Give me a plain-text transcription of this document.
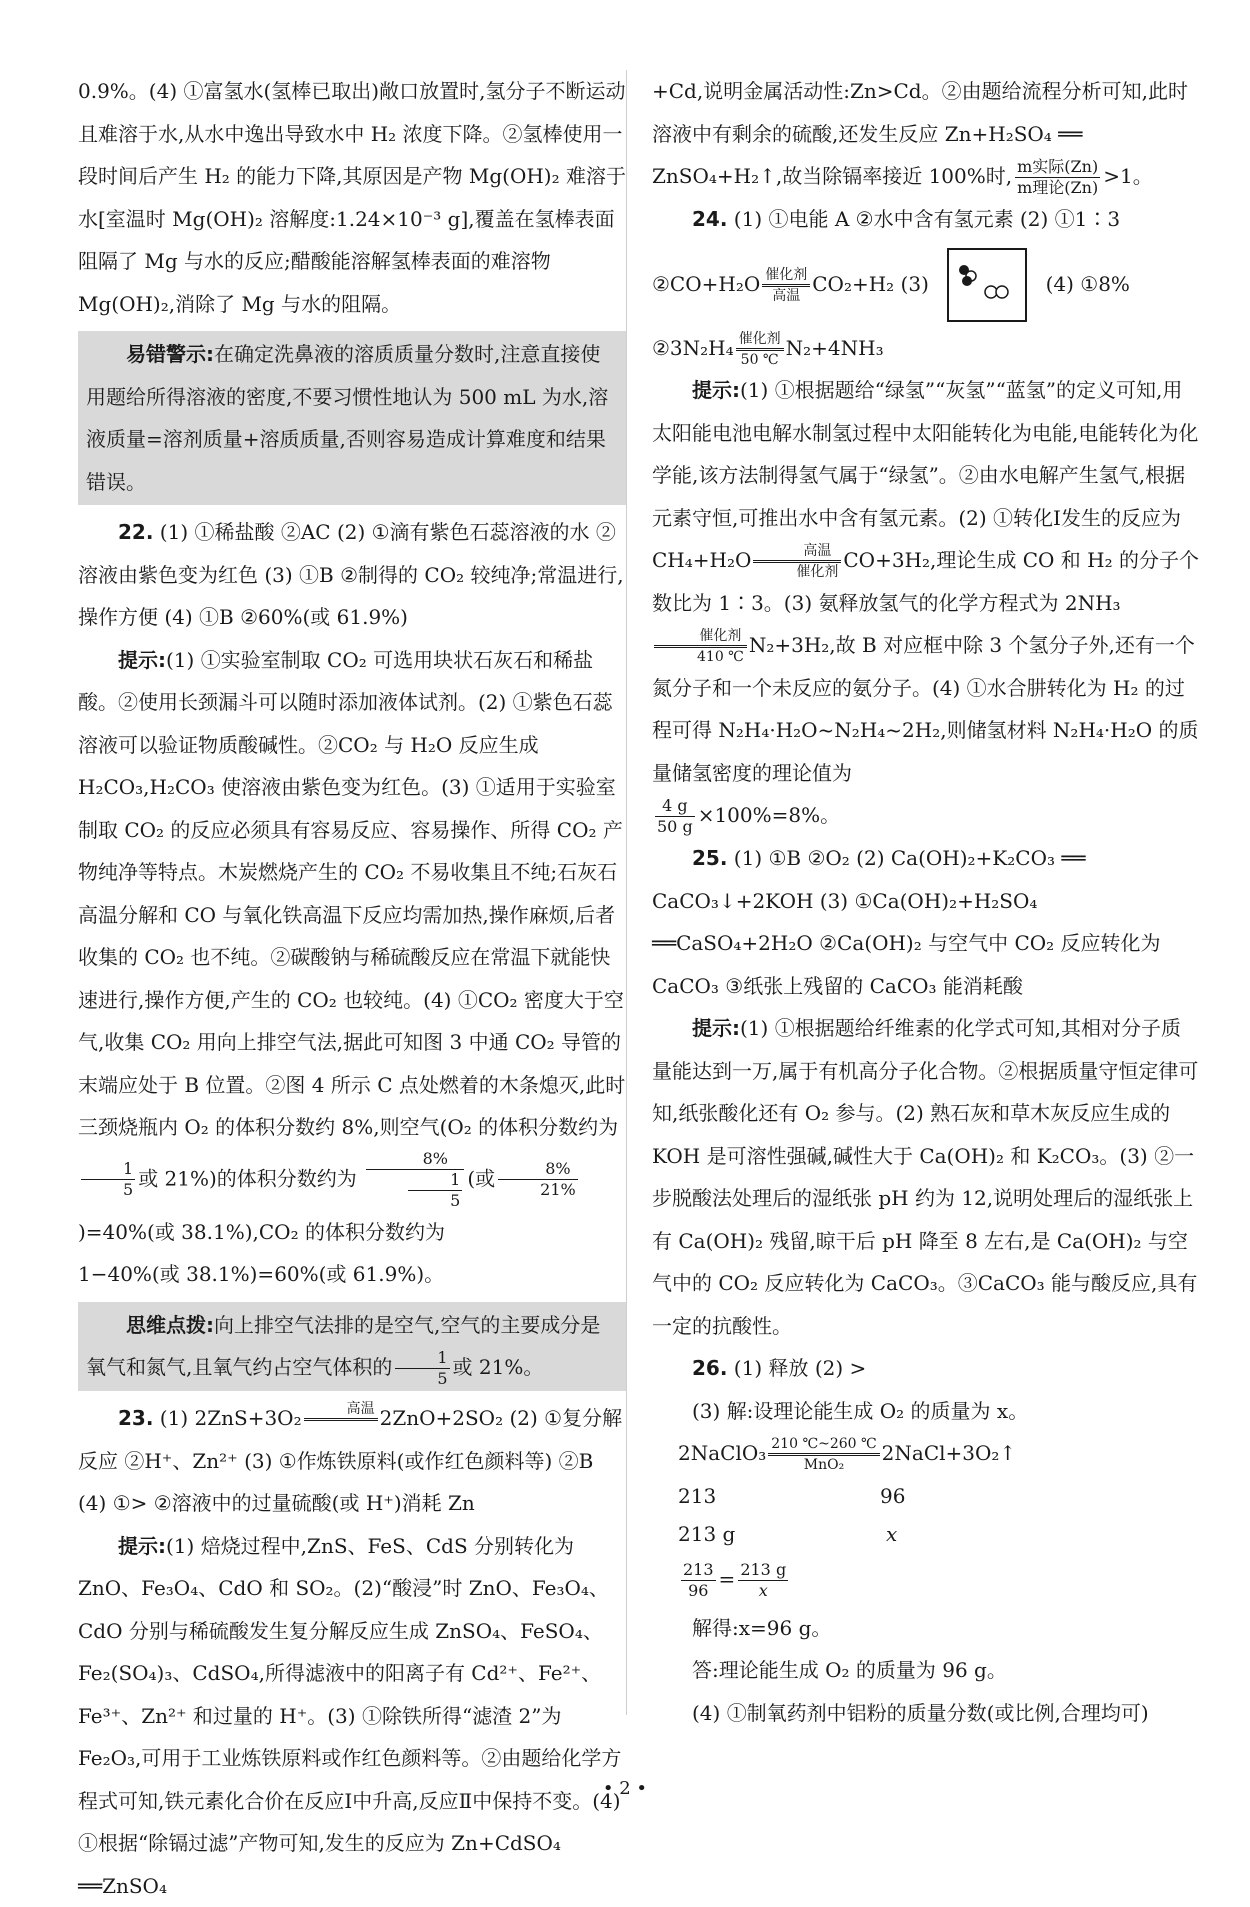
0.9%。(4) ①富氢水(氢棒已取出)敞口放置时,氢分子不断运动且难溶于水,从水中逸出导致水中 H₂ 浓度下降。②氢棒使用一段时间后产生 H₂ 的能力下降,其原因是产物 Mg(OH)₂ 难溶于水[室温时 Mg(OH)₂ 溶解度:1.24×10⁻³ g],覆盖在氢棒表面阻隔了 Mg 与水的反应;醋酸能溶解氢棒表面的难溶物 Mg(OH)₂,消除了 Mg 与水的阻隔。

易错警示:在确定洗鼻液的溶质质量分数时,注意直接使用题给所得溶液的密度,不要习惯性地认为 500 mL 为水,溶液质量=溶剂质量+溶质质量,否则容易造成计算难度和结果错误。

22. (1) ①稀盐酸 ②AC (2) ①滴有紫色石蕊溶液的水 ②溶液由紫色变为红色 (3) ①B ②制得的 CO₂ 较纯净;常温进行,操作方便 (4) ①B ②60%(或 61.9%)

提示:(1) ①实验室制取 CO₂ 可选用块状石灰石和稀盐酸。②使用长颈漏斗可以随时添加液体试剂。(2) ①紫色石蕊溶液可以验证物质酸碱性。②CO₂ 与 H₂O 反应生成 H₂CO₃,H₂CO₃ 使溶液由紫色变为红色。(3) ①适用于实验室制取 CO₂ 的反应必须具有容易反应、容易操作、所得 CO₂ 产物纯净等特点。木炭燃烧产生的 CO₂ 不易收集且不纯;石灰石高温分解和 CO 与氧化铁高温下反应均需加热,操作麻烦,后者收集的 CO₂ 也不纯。②碳酸钠与稀硫酸反应在常温下就能快速进行,操作方便,产生的 CO₂ 也较纯。(4) ①CO₂ 密度大于空气,收集 CO₂ 用向上排空气法,据此可知图 3 中通 CO₂ 导管的末端应处于 B 位置。②图 4 所示 C 点处燃着的木条熄灭,此时三颈烧瓶内 O₂ 的体积分数约 8%,则空气(O₂ 的体积分数约为
$\frac{1}{5}$ 或 21%)的体积分数约为 $\frac{8\%}{\frac{1}{5}}$ (或 $\frac{8\%}{21\%}$
)=40%(或 38.1%),CO₂ 的体积分数约为

1−40%(或 38.1%)=60%(或 61.9%)。

思维点拨:向上排空气法排的是空气,空气的主要成分是氧气和氮气,且氧气约占空气体积的 $\frac{1}{5}$ 或 21%。

23. (1) 2ZnS+3O₂	高温
2ZnO+2SO₂ (2) ①复分解反应 ②H⁺、Zn²⁺ (3) ①作炼铁原料(或作红色颜料等) ②B (4) ①> ②溶液中的过量硫酸(或 H⁺)消耗 Zn

提示:(1) 焙烧过程中,ZnS、FeS、CdS 分别转化为 ZnO、Fe₃O₄、CdO 和 SO₂。(2)“酸浸”时 ZnO、Fe₃O₄、CdO 分别与稀硫酸发生复分解反应生成 ZnSO₄、FeSO₄、Fe₂(SO₄)₃、CdSO₄,所得滤液中的阳离子有 Cd²⁺、Fe²⁺、Fe³⁺、Zn²⁺ 和过量的 H⁺。(3) ①除铁所得“滤渣 2”为 Fe₂O₃,可用于工业炼铁原料或作红色颜料等。②由题给化学方程式可知,铁元素化合价在反应Ⅰ中升高,反应Ⅱ中保持不变。(4) ①根据“除镉过滤”产物可知,发生的反应为 Zn+CdSO₄ ══ZnSO₄

+Cd,说明金属活动性:Zn>Cd。②由题给流程分析可知,此时溶液中有剩余的硫酸,还发生反应 Zn+H₂SO₄ ══ ZnSO₄+H₂↑,故当除镉率接近 100%时, $\frac{\text{m实际(Zn)}}{\text{m理论(Zn)}} >1$。

24. (1) ①电能 A ②水中含有氢元素 (2) ①1∶3

②CO+H₂O 催化剂
高温 CO₂+H₂ (3)	(4) ①8%

②3N₂H₄ 催化剂
50 ℃ N₂+4NH₃

提示:(1) ①根据题给“绿氢”“灰氢”“蓝氢”的定义可知,用太阳能电池电解水制氢过程中太阳能转化为电能,电能转化为化学能,该方法制得氢气属于“绿氢”。②由水电解产生氢气,根据元素守恒,可推出水中含有氢元素。(2) ①转化Ⅰ发生的反应为 CH₄+H₂O	高温
催化剂 CO+3H₂,理论生成 CO 和 H₂ 的分子个数比为 1∶3。(3) 氨释放氢气的化学方程式为 2NH₃
催化剂
410 ℃ N₂+3H₂,故 B 对应框中除 3 个氢分子外,还有一个氮分子和一个未反应的氨分子。(4) ①水合肼转化为 H₂ 的过程可得 N₂H₄·H₂O~N₂H₄~2H₂,则储氢材料 N₂H₄·H₂O 的质量储氢密度的理论值为

$\frac{4 g}{50 g} \times 100\%=8\%$。

25. (1) ①B ②O₂ (2) Ca(OH)₂+K₂CO₃ ══ CaCO₃↓+2KOH (3) ①Ca(OH)₂+H₂SO₄ ══CaSO₄+2H₂O ②Ca(OH)₂ 与空气中 CO₂ 反应转化为 CaCO₃ ③纸张上残留的 CaCO₃ 能消耗酸

提示:(1) ①根据题给纤维素的化学式可知,其相对分子质量能达到一万,属于有机高分子化合物。②根据质量守恒定律可知,纸张酸化还有 O₂ 参与。(2) 熟石灰和草木灰反应生成的 KOH 是可溶性强碱,碱性大于 Ca(OH)₂ 和 K₂CO₃。(3) ②一步脱酸法处理后的湿纸张 pH 约为 12,说明处理后的湿纸张上有 Ca(OH)₂ 残留,晾干后 pH 降至 8 左右,是 Ca(OH)₂ 与空气中的 CO₂ 反应转化为 CaCO₃。③CaCO₃ 能与酸反应,具有一定的抗酸性。

26. (1) 释放 (2) >

(3) 解:设理论能生成 O₂ 的质量为 x。

2NaClO₃ 210 ℃~260 ℃
MnO₂	2NaCl+3O₂↑

213	96
213 g	x

$\frac{213}{96} = \frac{213 g}{x}$

解得:x=96 g。

答:理论能生成 O₂ 的质量为 96 g。

(4) ①制氧药剂中铝粉的质量分数(或比例,合理均可)

• 2 •
